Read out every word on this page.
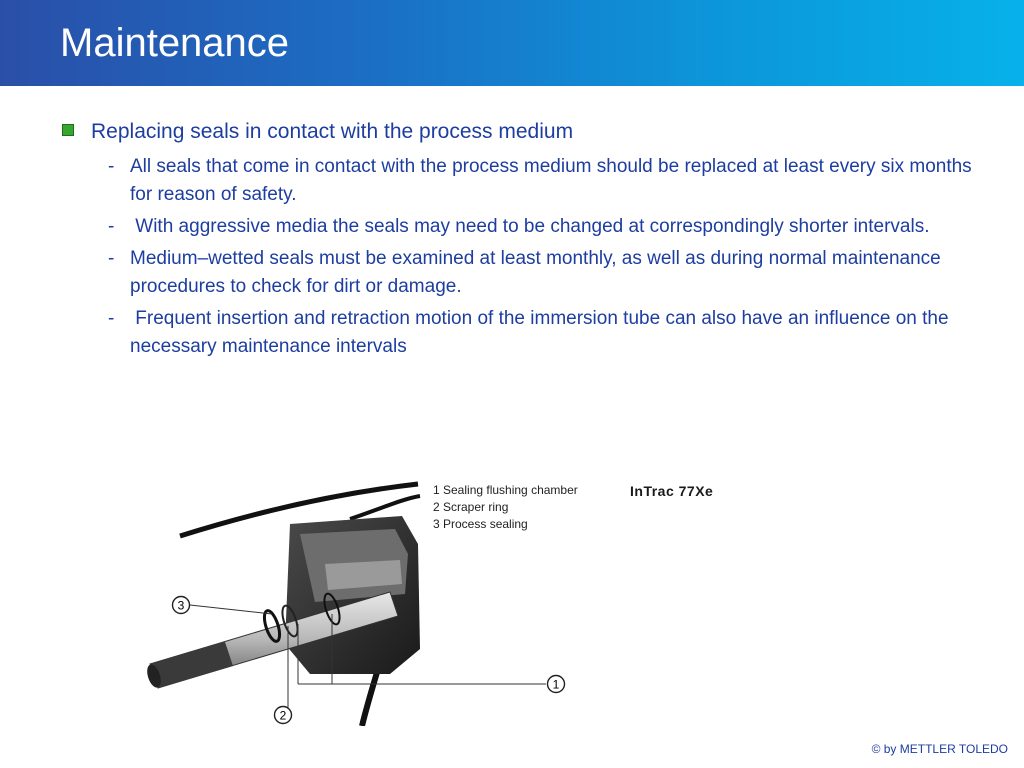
Maintenance
Replacing seals in contact with the process medium
- All seals that come in contact with the process medium should be replaced at least every six months for reason of safety.
- With aggressive media the seals may need to be changed at correspondingly shorter intervals.
- Medium–wetted seals must be examined at least monthly, as well as during normal maintenance procedures to check for dirt or damage.
- Frequent insertion and retraction motion of the immersion tube can also have an influence on the necessary maintenance intervals
3
2
1
1 Sealing flushing chamber
2 Scraper ring
3 Process sealing
InTrac 77Xe
© by METTLER TOLEDO
